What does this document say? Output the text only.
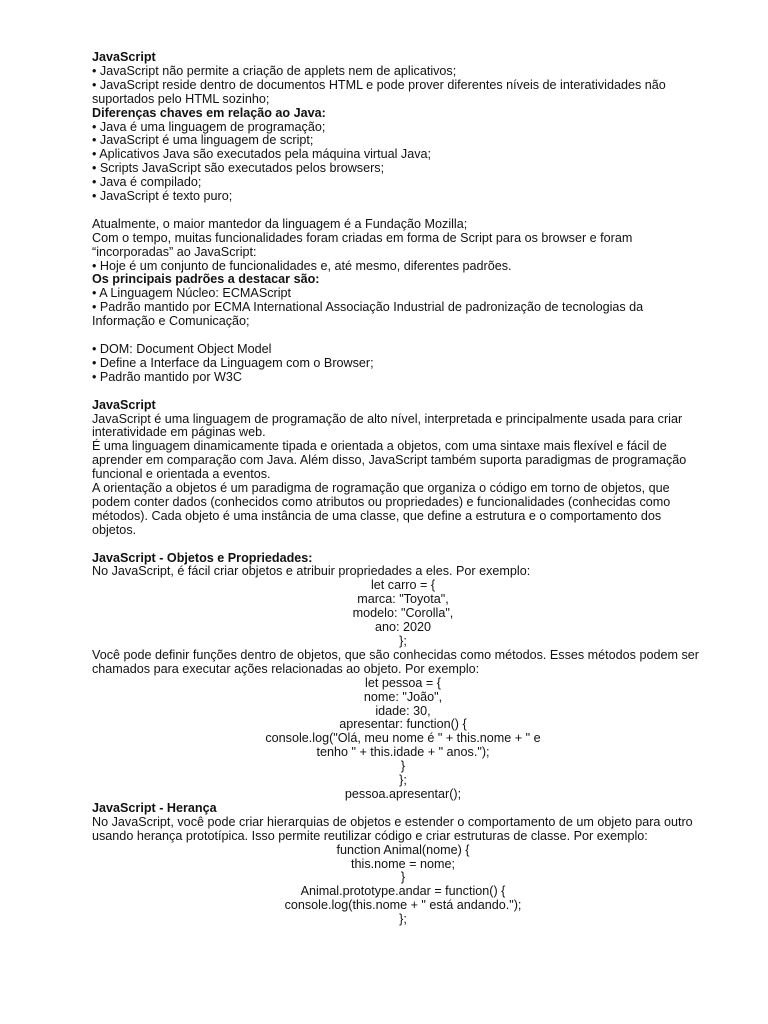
JavaScript
• JavaScript não permite a criação de applets nem de aplicativos;
• JavaScript reside dentro de documentos HTML e pode prover diferentes níveis de interatividades não
suportados pelo HTML sozinho;
Diferenças chaves em relação ao Java:
• Java é uma linguagem de programação;
• JavaScript é uma linguagem de script;
• Aplicativos Java são executados pela máquina virtual Java;
• Scripts JavaScript são executados pelos browsers;
• Java é compilado;
• JavaScript é texto puro;
Atualmente, o maior mantedor da linguagem é a Fundação Mozilla;
Com o tempo, muitas funcionalidades foram criadas em forma de Script para os browser e foram
“incorporadas” ao JavaScript:
• Hoje é um conjunto de funcionalidades e, até mesmo, diferentes padrões.
Os principais padrões a destacar são:
• A Linguagem Núcleo: ECMAScript
• Padrão mantido por ECMA International Associação Industrial de padronização de tecnologias da
Informação e Comunicação;
• DOM: Document Object Model
• Define a Interface da Linguagem com o Browser;
• Padrão mantido por W3C
JavaScript
JavaScript é uma linguagem de programação de alto nível, interpretada e principalmente usada para criar
interatividade em páginas web.
É uma linguagem dinamicamente tipada e orientada a objetos, com uma sintaxe mais flexível e fácil de
aprender em comparação com Java. Além disso, JavaScript também suporta paradigmas de programação
funcional e orientada a eventos.
A orientação a objetos é um paradigma de rogramação que organiza o código em torno de objetos, que
podem conter dados (conhecidos como atributos ou propriedades) e funcionalidades (conhecidas como
métodos). Cada objeto é uma instância de uma classe, que define a estrutura e o comportamento dos
objetos.
JavaScript - Objetos e Propriedades:
No JavaScript, é fácil criar objetos e atribuir propriedades a eles. Por exemplo:
let carro = {
marca: "Toyota",
modelo: "Corolla",
ano: 2020
};
Você pode definir funções dentro de objetos, que são conhecidas como métodos. Esses métodos podem ser
chamados para executar ações relacionadas ao objeto. Por exemplo:
let pessoa = {
nome: "João",
idade: 30,
apresentar: function() {
console.log("Olá, meu nome é " + this.nome + " e
tenho " + this.idade + " anos.");
}
};
pessoa.apresentar();
JavaScript - Herança
No JavaScript, você pode criar hierarquias de objetos e estender o comportamento de um objeto para outro
usando herança prototípica. Isso permite reutilizar código e criar estruturas de classe. Por exemplo:
function Animal(nome) {
this.nome = nome;
}
Animal.prototype.andar = function() {
console.log(this.nome + " está andando.");
};
